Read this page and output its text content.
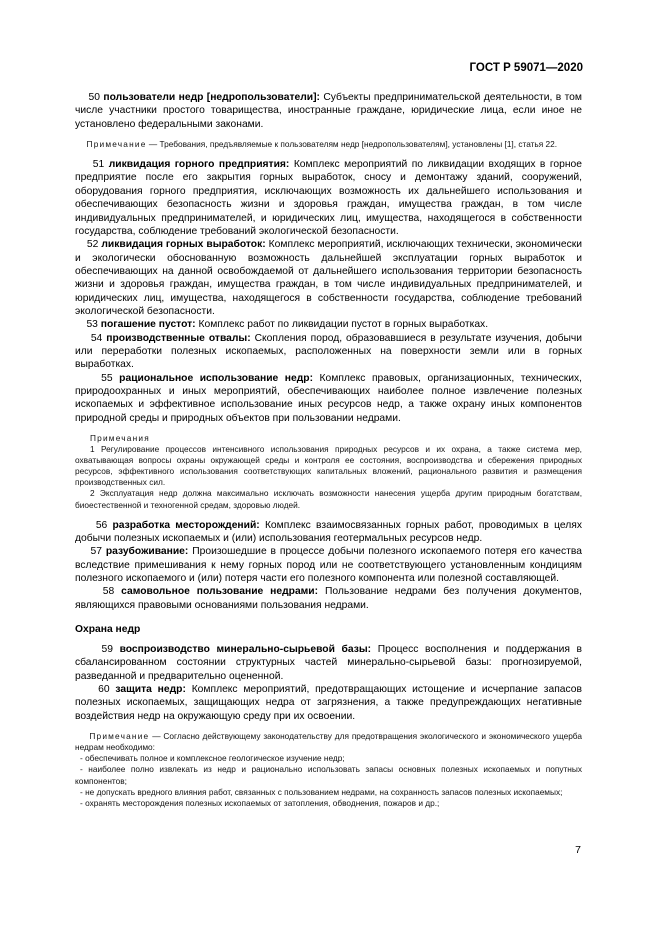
ГОСТ Р 59071—2020

50 пользователи недр [недропользователи]: Субъекты предпринимательской деятельности, в том числе участники простого товарищества, иностранные граждане, юридические лица, если иное не установлено федеральными законами.

Примечание — Требования, предъявляемые к пользователям недр [недропользователям], установлены [1], статья 22.

51 ликвидация горного предприятия: Комплекс мероприятий по ликвидации входящих в горное предприятие после его закрытия горных выработок, сносу и демонтажу зданий, сооружений, оборудования горного предприятия, исключающих возможность их дальнейшего использования и обеспечивающих безопасность жизни и здоровья граждан, имущества граждан, в том числе индивидуальных предпринимателей, и юридических лиц, имущества, находящегося в собственности государства, соблюдение требований экологической безопасности.

52 ликвидация горных выработок: Комплекс мероприятий, исключающих технически, экономически и экологически обоснованную возможность дальнейшей эксплуатации горных выработок и обеспечивающих на данной освобождаемой от дальнейшего использования территории безопасность жизни и здоровья граждан, имущества граждан, в том числе индивидуальных предпринимателей, и юридических лиц, имущества, находящегося в собственности государства, соблюдение требований экологической безопасности.

53 погашение пустот: Комплекс работ по ликвидации пустот в горных выработках.

54 производственные отвалы: Скопления пород, образовавшиеся в результате изучения, добычи или переработки полезных ископаемых, расположенных на поверхности земли или в горных выработках.

55 рациональное использование недр: Комплекс правовых, организационных, технических, природоохранных и иных мероприятий, обеспечивающих наиболее полное извлечение полезных ископаемых и эффективное использование иных ресурсов недр, а также охрану иных компонентов природной среды и природных объектов при пользовании недрами.

Примечания

1 Регулирование процессов интенсивного использования природных ресурсов и их охрана, а также система мер, охватывающая вопросы охраны окружающей среды и контроля ее состояния, воспроизводства и сбережения природных ресурсов, эффективного использования соответствующих капитальных вложений, рационального развития и размещения производственных сил.

2 Эксплуатация недр должна максимально исключать возможности нанесения ущерба другим природным богатствам, биоестественной и техногенной средам, здоровью людей.

56 разработка месторождений: Комплекс взаимосвязанных горных работ, проводимых в целях добычи полезных ископаемых и (или) использования геотермальных ресурсов недр.

57 разубоживание: Произошедшие в процессе добычи полезного ископаемого потеря его качества вследствие примешивания к нему горных пород или не соответствующего установленным кондициям полезного ископаемого и (или) потеря части его полезного компонента или полезной составляющей.

58 самовольное пользование недрами: Пользование недрами без получения документов, являющихся правовыми основаниями пользования недрами.

Охрана недр

59 воспроизводство минерально-сырьевой базы: Процесс восполнения и поддержания в сбалансированном состоянии структурных частей минерально-сырьевой базы: прогнозируемой, разведанной и предварительно оцененной.

60 защита недр: Комплекс мероприятий, предотвращающих истощение и исчерпание запасов полезных ископаемых, защищающих недра от загрязнения, а также предупреждающих негативные воздействия недр на окружающую среду при их освоении.

Примечание — Согласно действующему законодательству для предотвращения экологического и экономического ущерба недрам необходимо:

- обеспечивать полное и комплексное геологическое изучение недр;

- наиболее полно извлекать из недр и рационально использовать запасы основных полезных ископаемых и попутных компонентов;

- не допускать вредного влияния работ, связанных с пользованием недрами, на сохранность запасов полезных ископаемых;

- охранять месторождения полезных ископаемых от затопления, обводнения, пожаров и др.;

7
